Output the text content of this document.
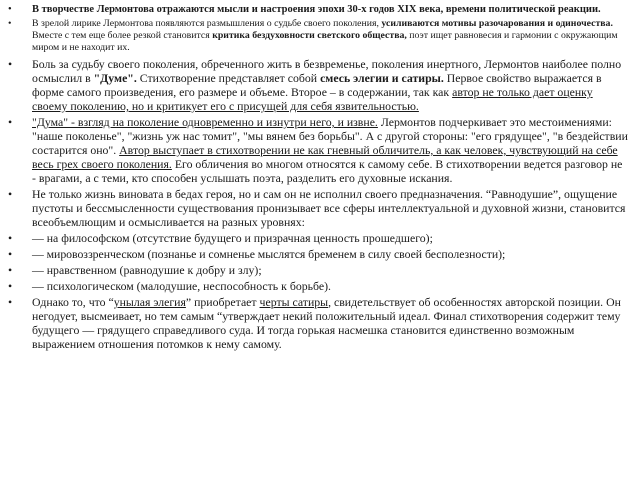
• В творчестве Лермонтова отражаются мысли и настроения эпохи 30-х годов XIX века, времени политической реакции.
• В зрелой лирике Лермонтова появляются размышления о судьбе своего поколения, усиливаются мотивы разочарования и одиночества. Вместе с тем еще более резкой становится критика бездуховности светского общества, поэт ищет равновесия и гармонии с окружающим миром и не находит их.
• Боль за судьбу своего поколения, обреченного жить в безвременье, поколения инертного, Лермонтов наиболее полно осмыслил в "Думе". Стихотворение представляет собой смесь элегии и сатиры. Первое свойство выражается в форме самого произведения, его размере и объеме. Второе – в содержании, так как автор не только дает оценку своему поколению, но и критикует его с присущей для себя язвительностью.
• "Дума" - взгляд на поколение одновременно и изнутри него, и извне. Лермонтов подчеркивает это местоимениями: "наше поколенье", "жизнь уж нас томит", "мы вянем без борьбы". А с другой стороны: "его грядущее", "в бездействии состарится оно". Автор выступает в стихотворении не как гневный обличитель, а как человек, чувствующий на себе весь грех своего поколения. Его обличения во многом относятся к самому себе. В стихотворении ведется разговор не - врагами, а с теми, кто способен услышать поэта, разделить его духовные искания.
• Не только жизнь виновата в бедах героя, но и сам он не исполнил своего предназначения. “Равнодушие”, ощущение пустоты и бессмысленности существования пронизывает все сферы интеллектуальной и духовной жизни, становится всеобъемлющим и осмысливается на разных уровнях:
• — на философском (отсутствие будущего и призрачная ценность прошедшего);
• — мировоззренческом (познанье и сомненье мыслятся бременем в силу своей бесполезности);
• — нравственном (равнодушие к добру и злу);
• — психологическом (малодушие, неспособность к борьбе).
• Однако то, что “унылая элегия” приобретает черты сатиры, свидетельствует об особенностях авторской позиции. Он негодует, высмеивает, но тем самым “утверждает некий положительный идеал. Финал стихотворения содержит тему будущего — грядущего справедливого суда. И тогда горькая насмешка становится единственно возможным выражением отношения потомков к нему самому.
